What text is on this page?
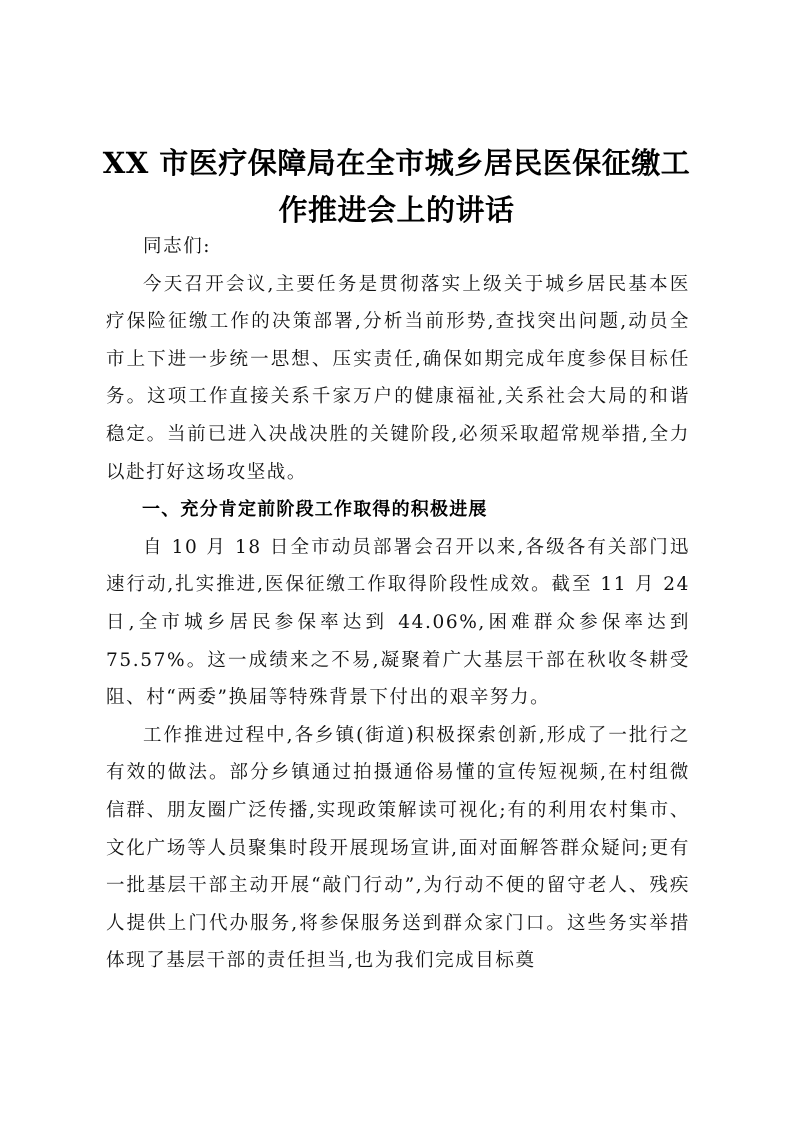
XX 市医疗保障局在全市城乡居民医保征缴工
作推进会上的讲话

同志们:

今天召开会议,主要任务是贯彻落实上级关于城乡居民基本医疗保险征缴工作的决策部署,分析当前形势,查找突出问题,动员全市上下进一步统一思想、压实责任,确保如期完成年度参保目标任务。这项工作直接关系千家万户的健康福祉,关系社会大局的和谐稳定。当前已进入决战决胜的关键阶段,必须采取超常规举措,全力以赴打好这场攻坚战。

一、充分肯定前阶段工作取得的积极进展

自 10 月 18 日全市动员部署会召开以来,各级各有关部门迅速行动,扎实推进,医保征缴工作取得阶段性成效。截至 11 月 24 日,全市城乡居民参保率达到 44.06%,困难群众参保率达到 75.57%。这一成绩来之不易,凝聚着广大基层干部在秋收冬耕受阻、村“两委”换届等特殊背景下付出的艰辛努力。

工作推进过程中,各乡镇(街道)积极探索创新,形成了一批行之有效的做法。部分乡镇通过拍摄通俗易懂的宣传短视频,在村组微信群、朋友圈广泛传播,实现政策解读可视化;有的利用农村集市、文化广场等人员聚集时段开展现场宣讲,面对面解答群众疑问;更有一批基层干部主动开展“敲门行动”,为行动不便的留守老人、残疾人提供上门代办服务,将参保服务送到群众家门口。这些务实举措体现了基层干部的责任担当,也为我们完成目标奠
